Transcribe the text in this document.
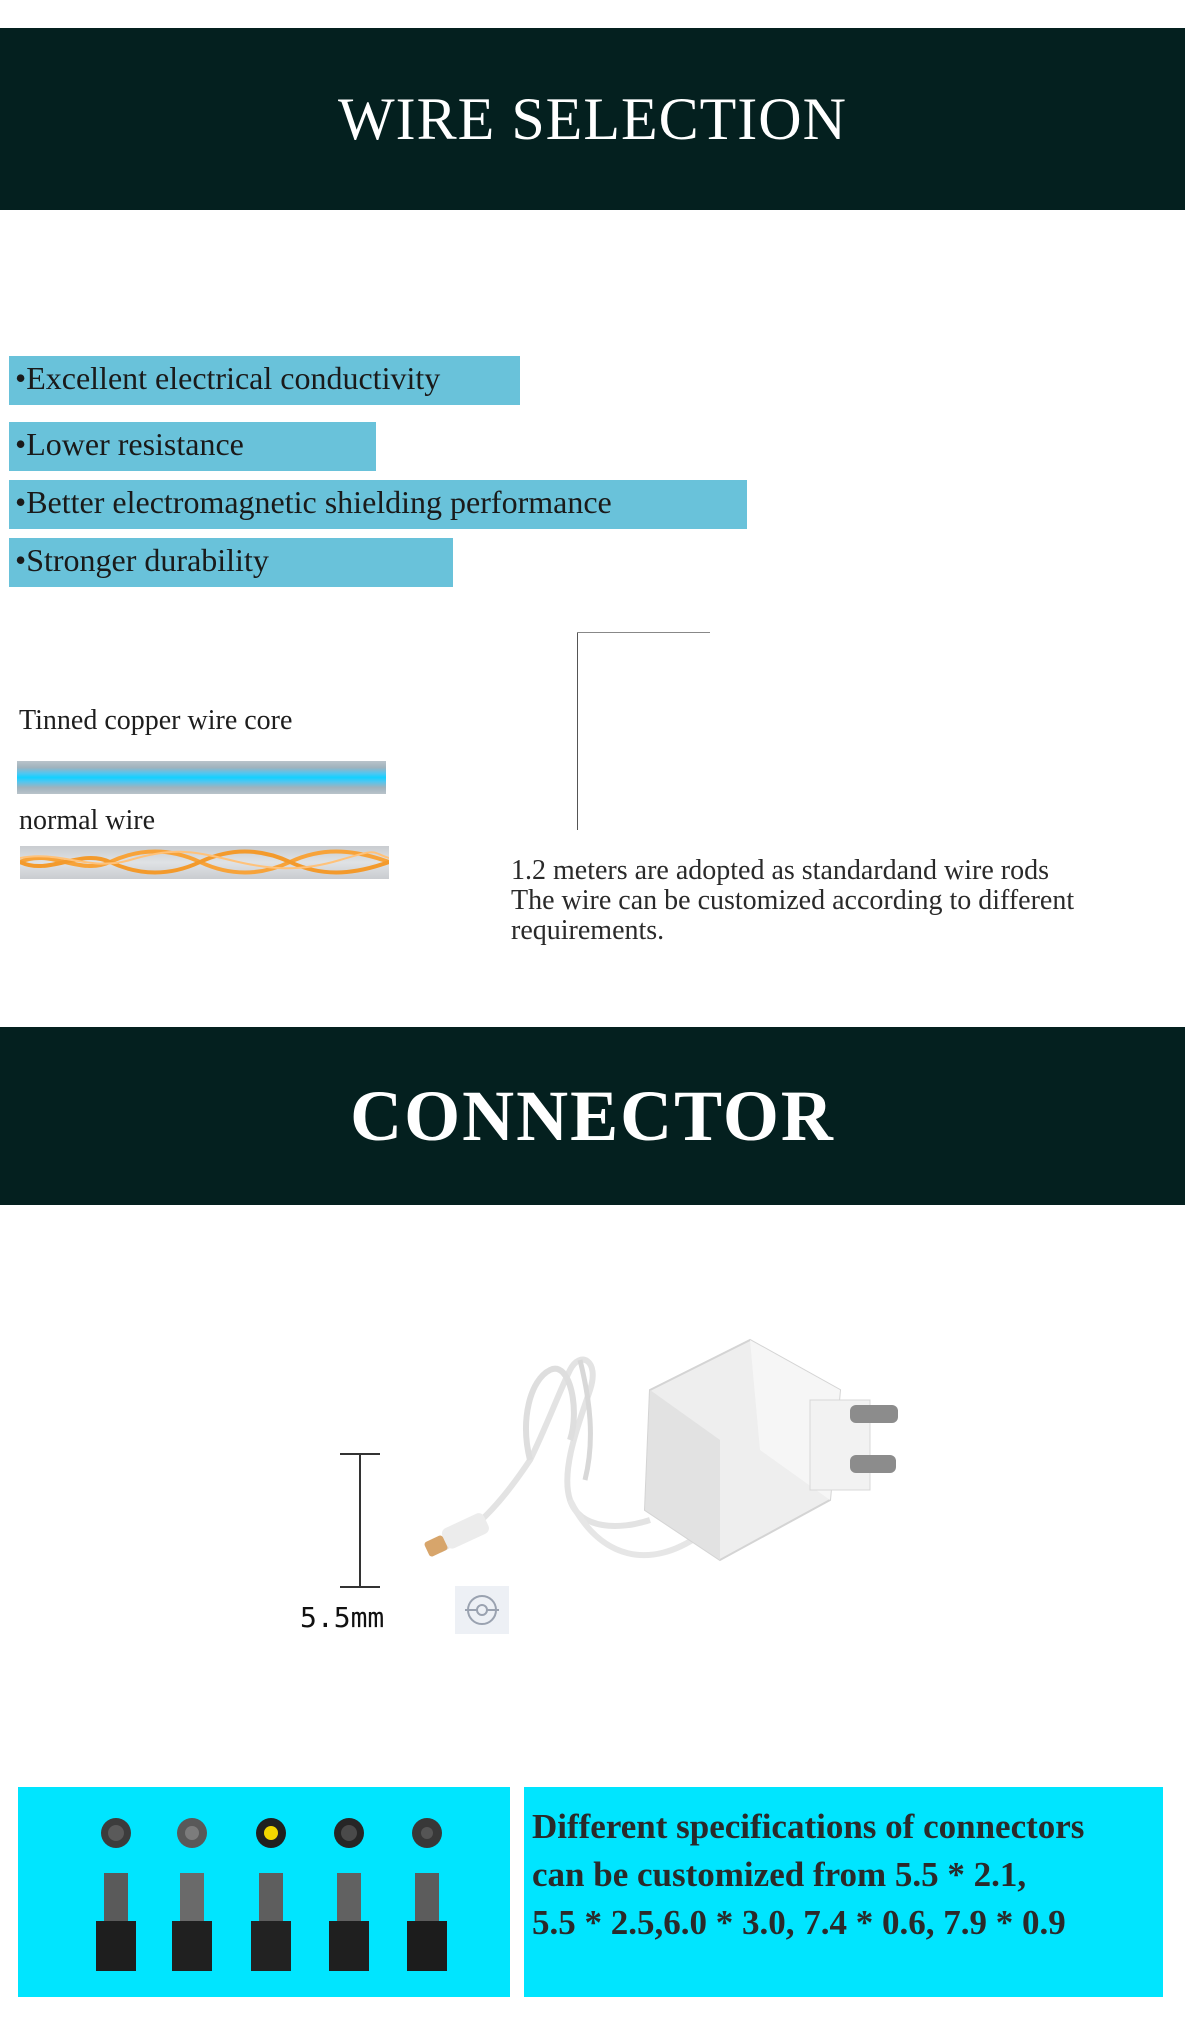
WIRE SELECTION
•Excellent electrical conductivity
•Lower resistance
•Better electromagnetic shielding performance
•Stronger durability
Tinned copper wire core
normal wire
1.2 meters are adopted as standardand wire rods
The wire can be customized according to different
requirements.
CONNECTOR
5.5mm
Different specifications of connectors
can be customized from 5.5 * 2.1,
5.5 * 2.5,6.0 * 3.0, 7.4 * 0.6, 7.9 * 0.9
